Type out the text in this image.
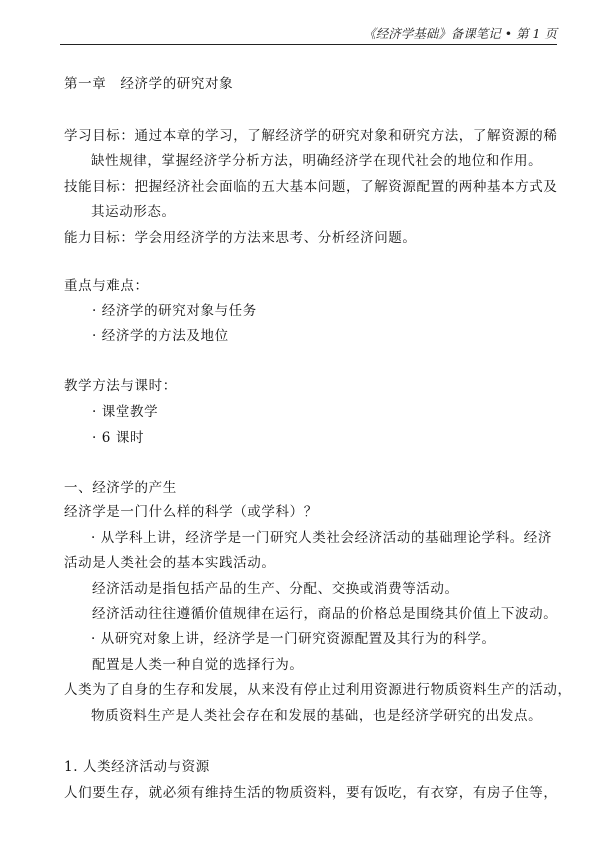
《经济学基础》备课笔记 • 第 1 页
第一章　经济学的研究对象
学习目标：通过本章的学习，了解经济学的研究对象和研究方法，了解资源的稀
缺性规律，掌握经济学分析方法，明确经济学在现代社会的地位和作用。
技能目标：把握经济社会面临的五大基本问题，了解资源配置的两种基本方式及
其运动形态。
能力目标：学会用经济学的方法来思考、分析经济问题。
重点与难点：
· 经济学的研究对象与任务
· 经济学的方法及地位
教学方法与课时：
· 课堂教学
· 6 课时
一、经济学的产生
经济学是一门什么样的科学（或学科）？
· 从学科上讲，经济学是一门研究人类社会经济活动的基础理论学科。经济
活动是人类社会的基本实践活动。
经济活动是指包括产品的生产、分配、交换或消费等活动。
经济活动往往遵循价值规律在运行，商品的价格总是围绕其价值上下波动。
· 从研究对象上讲，经济学是一门研究资源配置及其行为的科学。
配置是人类一种自觉的选择行为。
人类为了自身的生存和发展，从来没有停止过利用资源进行物质资料生产的活动，
物质资料生产是人类社会存在和发展的基础，也是经济学研究的出发点。
1. 人类经济活动与资源
人们要生存，就必须有维持生活的物质资料，要有饭吃，有衣穿，有房子住等，
